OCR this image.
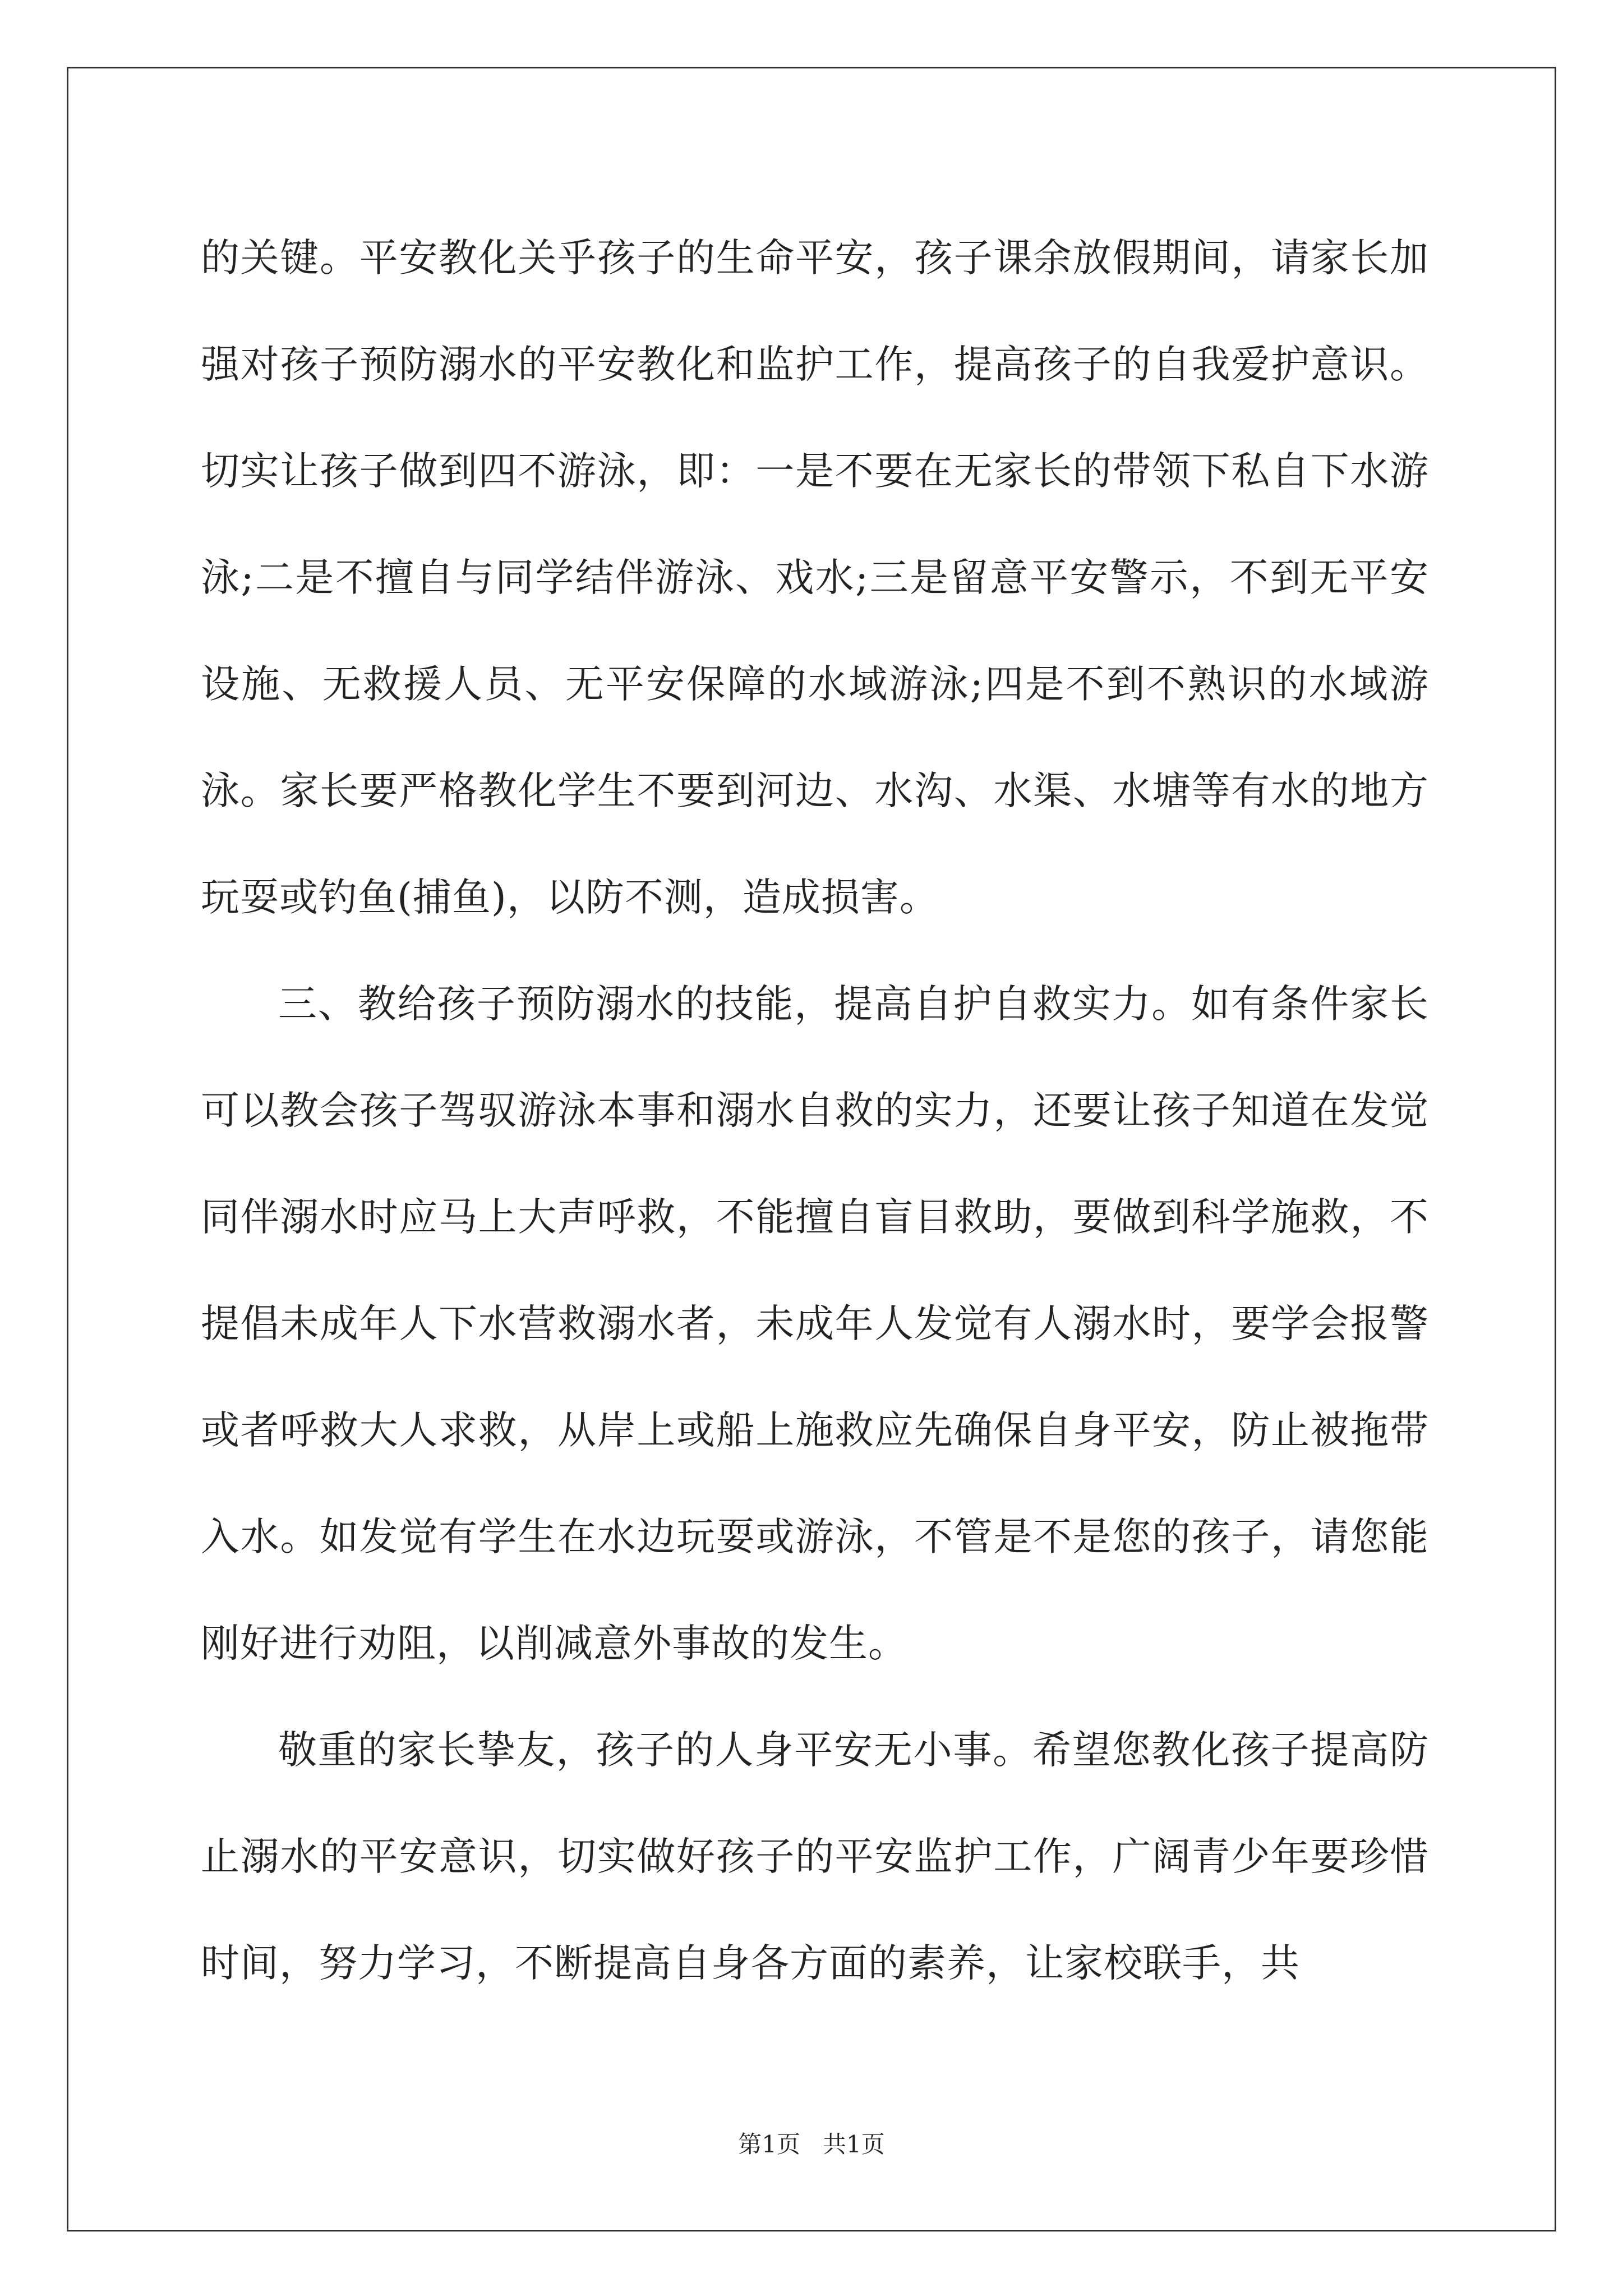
的关键。平安教化关乎孩子的生命平安，孩子课余放假期间，请家长加强对孩子预防溺水的平安教化和监护工作，提高孩子的自我爱护意识。切实让孩子做到四不游泳，即：一是不要在无家长的带领下私自下水游泳;二是不擅自与同学结伴游泳、戏水;三是留意平安警示，不到无平安设施、无救援人员、无平安保障的水域游泳;四是不到不熟识的水域游泳。家长要严格教化学生不要到河边、水沟、水渠、水塘等有水的地方玩耍或钓鱼(捕鱼)，以防不测，造成损害。

三、教给孩子预防溺水的技能，提高自护自救实力。如有条件家长可以教会孩子驾驭游泳本事和溺水自救的实力，还要让孩子知道在发觉同伴溺水时应马上大声呼救，不能擅自盲目救助，要做到科学施救，不提倡未成年人下水营救溺水者，未成年人发觉有人溺水时，要学会报警或者呼救大人求救，从岸上或船上施救应先确保自身平安，防止被拖带入水。如发觉有学生在水边玩耍或游泳，不管是不是您的孩子，请您能刚好进行劝阻，以削减意外事故的发生。

敬重的家长挚友，孩子的人身平安无小事。希望您教化孩子提高防止溺水的平安意识，切实做好孩子的平安监护工作，广阔青少年要珍惜时间，努力学习，不断提高自身各方面的素养，让家校联手，共

第1页 共1页
